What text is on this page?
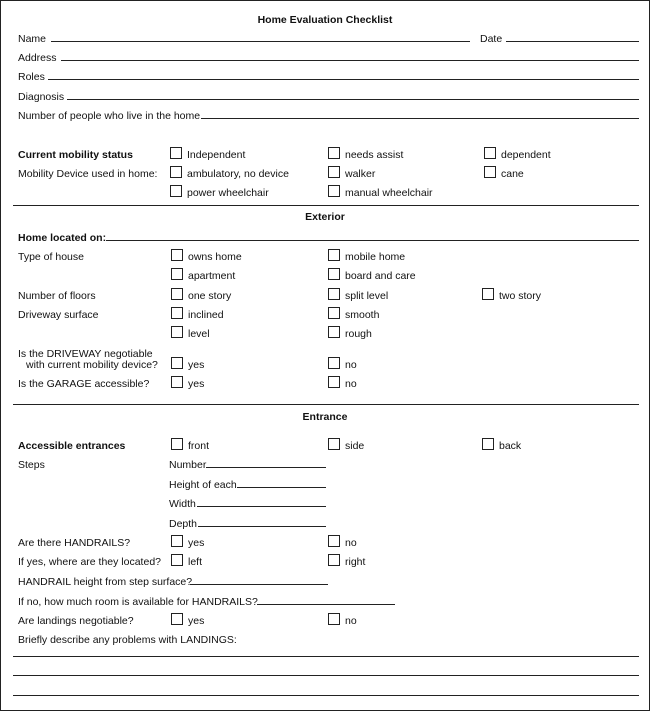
Home Evaluation Checklist
Name	Date
Address
Roles
Diagnosis
Number of people who live in the home
Current mobility status	Independent	needs assist	dependent
Mobility Device used in home:	ambulatory, no device	walker	cane
power wheelchair	manual wheelchair
Exterior
Home located on:
Type of house	owns home	mobile home
apartment	board and care
Number of floors	one story	split level	two story
Driveway surface	inclined	smooth
level	rough
Is the DRIVEWAY negotiable
with current mobility device?	yes	no
Is the GARAGE accessible?	yes	no
Entrance
Accessible entrances	front	side	back
Steps	Number
Height of each
Width
Depth
Are there HANDRAILS?	yes	no
If yes, where are they located?	left	right
HANDRAIL height from step surface?
If no, how much room is available for HANDRAILS?
Are landings negotiable?	yes	no
Briefly describe any problems with LANDINGS:
